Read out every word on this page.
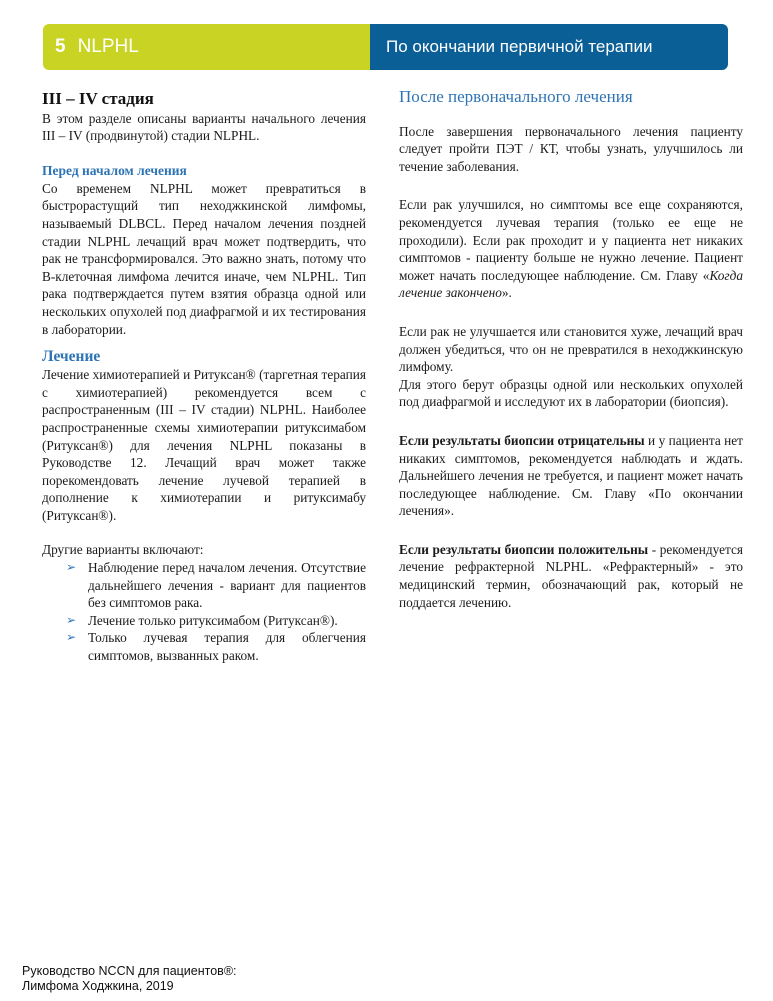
5 NLPHL	По окончании первичной терапии
III – IV стадия

В этом разделе описаны варианты начального лечения III – IV (продвинутой) стадии NLPHL.

Перед началом лечения

Со временем NLPHL может превратиться в быстрорастущий тип неходжкинской лимфомы, называемый DLBCL. Перед началом лечения поздней стадии NLPHL лечащий врач может подтвердить, что рак не трансформировался. Это важно знать, потому что В-клеточная лимфома лечится иначе, чем NLPHL. Тип рака подтверждается путем взятия образца одной или нескольких опухолей под диафрагмой и их тестирования в лаборатории.

Лечение

Лечение химиотерапией и Ритуксан® (таргетная терапия с химиотерапией) рекомендуется всем с распространенным (III – IV стадии) NLPHL. Наиболее распространенные схемы химиотерапии ритуксимабом (Ритуксан®) для лечения NLPHL показаны в Руководстве 12. Лечащий врач может также порекомендовать лечение лучевой терапией в дополнение к химиотерапии и ритуксимабу (Ритуксан®).

Другие варианты включают:

➢ Наблюдение перед началом лечения. Отсутствие дальнейшего лечения - вариант для пациентов без симптомов рака.
➢ Лечение только ритуксимабом (Ритуксан®).
➢ Только лучевая терапия для облегчения симптомов, вызванных раком.
После первоначального лечения

После завершения первоначального лечения пациенту следует пройти ПЭТ / КТ, чтобы узнать, улучшилось ли течение заболевания.

Если рак улучшился, но симптомы все еще сохраняются, рекомендуется лучевая терапия (только ее еще не проходили). Если рак проходит и у пациента нет никаких симптомов - пациенту больше не нужно лечение. Пациент может начать последующее наблюдение. См. Главу «Когда лечение закончено».

Если рак не улучшается или становится хуже, лечащий врач должен убедиться, что он не превратился в неходжкинскую лимфому.

Для этого берут образцы одной или нескольких опухолей под диафрагмой и исследуют их в лаборатории (биопсия).

Если результаты биопсии отрицательны и у пациента нет никаких симптомов, рекомендуется наблюдать и ждать. Дальнейшего лечения не требуется, и пациент может начать последующее наблюдение. См. Главу «По окончании лечения».

Если результаты биопсии положительны - рекомендуется лечение рефрактерной NLPHL. «Рефрактерный» - это медицинский термин, обозначающий рак, который не поддается лечению.

Руководство NCCN для пациентов®:
Лимфома Ходжкина, 2019
